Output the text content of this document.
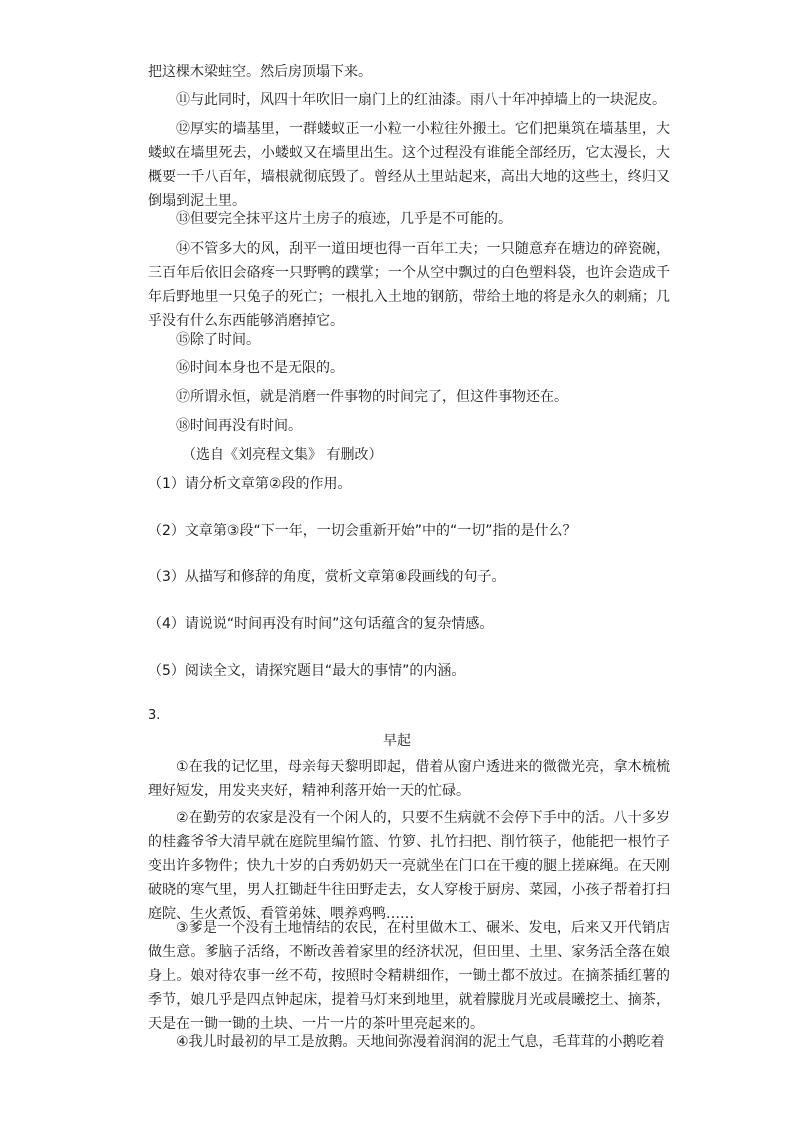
把这棵木梁蛀空。然后房顶塌下来。

⑪与此同时，风四十年吹旧一扇门上的红油漆。雨八十年冲掉墙上的一块泥皮。

⑫厚实的墙基里，一群蝼蚁正一小粒一小粒往外搬土。它们把巢筑在墙基里，大蝼蚁在墙里死去，小蝼蚁又在墙里出生。这个过程没有谁能全部经历，它太漫长，大概要一千八百年，墙根就彻底毁了。曾经从土里站起来，高出大地的这些土，终归又倒塌到泥土里。

⑬但要完全抹平这片土房子的痕迹，几乎是不可能的。

⑭不管多大的风，刮平一道田埂也得一百年工夫；一只随意弃在塘边的碎瓷碗，三百年后依旧会硌疼一只野鸭的蹼掌；一个从空中飘过的白色塑料袋，也许会造成千年后野地里一只兔子的死亡；一根扎入土地的钢筋，带给土地的将是永久的刺痛；几乎没有什么东西能够消磨掉它。

⑮除了时间。

⑯时间本身也不是无限的。

⑰所谓永恒，就是消磨一件事物的时间完了，但这件事物还在。

⑱时间再没有时间。

（选自《刘亮程文集》 有删改）

（1）请分析文章第②段的作用。

（2）文章第③段“下一年，一切会重新开始”中的“一切”指的是什么？

（3）从描写和修辞的角度，赏析文章第⑧段画线的句子。

（4）请说说“时间再没有时间”这句话蕴含的复杂情感。

（5）阅读全文，请探究题目“最大的事情”的内涵。

3.

早起

①在我的记忆里，母亲每天黎明即起，借着从窗户透进来的微微光亮，拿木梳梳理好短发，用发夹夹好，精神利落开始一天的忙碌。

②在勤劳的农家是没有一个闲人的，只要不生病就不会停下手中的活。八十多岁的桂鑫爷爷大清早就在庭院里编竹篮、竹箩、扎竹扫把、削竹筷子，他能把一根竹子变出许多物件；快九十岁的白秀奶奶天一亮就坐在门口在干瘦的腿上搓麻绳。在天刚破晓的寒气里，男人扛锄赶牛往田野走去，女人穿梭于厨房、菜园，小孩子帮着打扫庭院、生火煮饭、看管弟妹、喂养鸡鸭……

③爹是一个没有土地情结的农民，在村里做木工、碾米、发电，后来又开代销店做生意。爹脑子活络，不断改善着家里的经济状况，但田里、土里、家务活全落在娘身上。娘对待农事一丝不苟，按照时令精耕细作，一锄土都不放过。在摘茶插红薯的季节，娘几乎是四点钟起床，提着马灯来到地里，就着朦胧月光或晨曦挖土、摘茶，天是在一锄一锄的土块、一片一片的茶叶里亮起来的。

④我儿时最初的早工是放鹅。天地间弥漫着润润的泥土气息，毛茸茸的小鹅吃着
